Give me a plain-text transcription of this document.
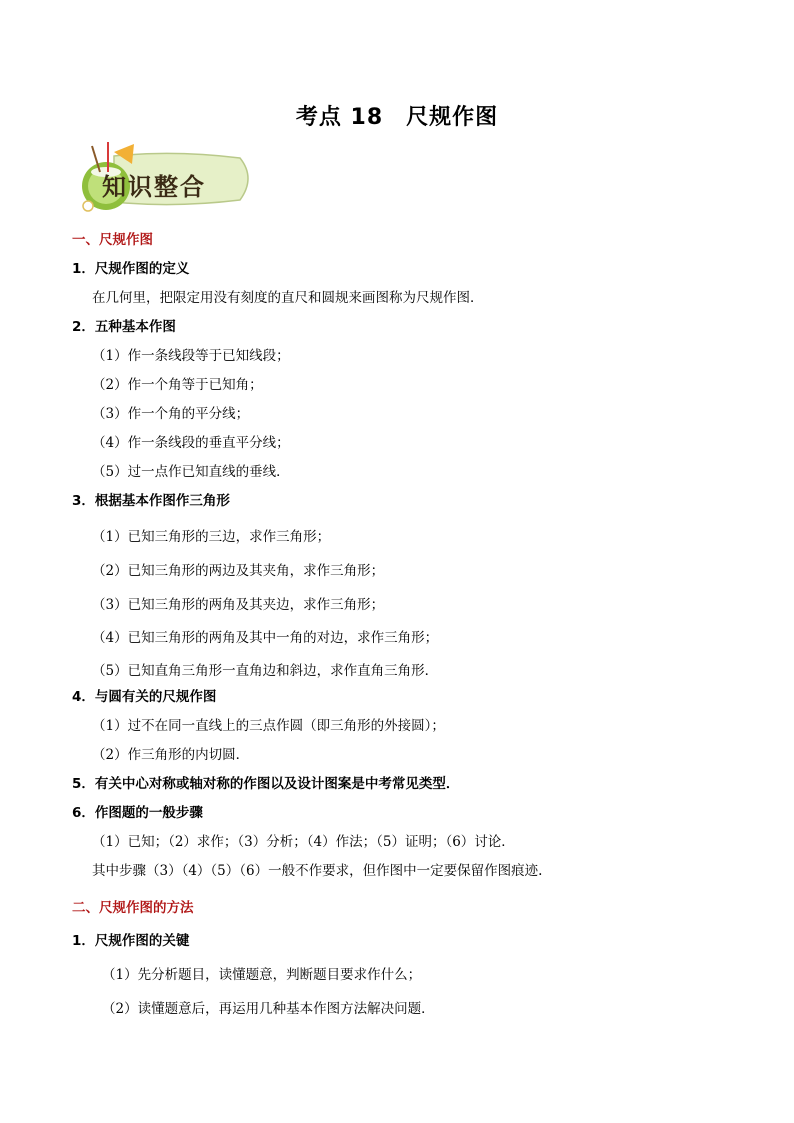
考点 18　尺规作图
知识整合
一、尺规作图
1．尺规作图的定义
在几何里，把限定用没有刻度的直尺和圆规来画图称为尺规作图．
2．五种基本作图
（1）作一条线段等于已知线段；
（2）作一个角等于已知角；
（3）作一个角的平分线；
（4）作一条线段的垂直平分线；
（5）过一点作已知直线的垂线．
3．根据基本作图作三角形
（1）已知三角形的三边，求作三角形；
（2）已知三角形的两边及其夹角，求作三角形；
（3）已知三角形的两角及其夹边，求作三角形；
（4）已知三角形的两角及其中一角的对边，求作三角形；
（5）已知直角三角形一直角边和斜边，求作直角三角形．
4．与圆有关的尺规作图
（1）过不在同一直线上的三点作圆（即三角形的外接圆）；
（2）作三角形的内切圆．
5．有关中心对称或轴对称的作图以及设计图案是中考常见类型．
6．作图题的一般步骤
（1）已知；（2）求作；（3）分析；（4）作法；（5）证明；（6）讨论．
其中步骤（3）（4）（5）（6）一般不作要求，但作图中一定要保留作图痕迹.
二、尺规作图的方法
1．尺规作图的关键
（1）先分析题目，读懂题意，判断题目要求作什么；
（2）读懂题意后，再运用几种基本作图方法解决问题．
